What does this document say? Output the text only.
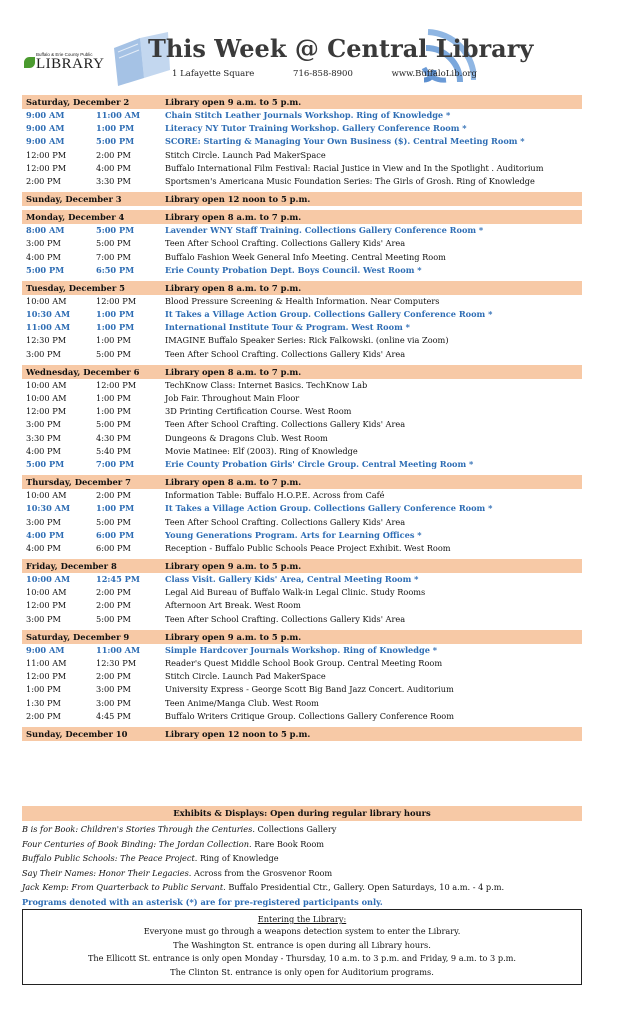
Buffalo & Erie County Public
LIBRARY
This Week @ Central Library
1 Lafayette Square	716-858-8900	www.BuffaloLib.org
Saturday, December 2	Library open 9 a.m. to 5 p.m.
9:00 AM	11:00 AM	Chain Stitch Leather Journals Workshop. Ring of Knowledge *
9:00 AM	1:00 PM	Literacy NY Tutor Training Workshop. Gallery Conference Room *
9:00 AM	5:00 PM	SCORE: Starting & Managing Your Own Business ($). Central Meeting Room *
12:00 PM	2:00 PM	Stitch Circle. Launch Pad MakerSpace
12:00 PM	4:00 PM	Buffalo International Film Festival: Racial Justice in View and In the Spotlight . Auditorium
2:00 PM	3:30 PM	Sportsmen's Americana Music Foundation Series: The Girls of Grosh. Ring of Knowledge
Sunday, December 3	Library open 12 noon to 5 p.m.
Monday, December 4	Library open 8 a.m. to 7 p.m.
8:00 AM	5:00 PM	Lavender WNY Staff Training. Collections Gallery Conference Room *
3:00 PM	5:00 PM	Teen After School Crafting. Collections Gallery Kids' Area
4:00 PM	7:00 PM	Buffalo Fashion Week General Info Meeting. Central Meeting Room
5:00 PM	6:50 PM	Erie County Probation Dept. Boys Council. West Room *
Tuesday, December 5	Library open 8 a.m. to 7 p.m.
10:00 AM	12:00 PM	Blood Pressure Screening & Health Information. Near Computers
10:30 AM	1:00 PM	It Takes a Village Action Group. Collections Gallery Conference Room *
11:00 AM	1:00 PM	International Institute Tour & Program. West Room *
12:30 PM	1:00 PM	IMAGINE Buffalo Speaker Series: Rick Falkowski. (online via Zoom)
3:00 PM	5:00 PM	Teen After School Crafting. Collections Gallery Kids' Area
Wednesday, December 6	Library open 8 a.m. to 7 p.m.
10:00 AM	12:00 PM	TechKnow Class: Internet Basics. TechKnow Lab
10:00 AM	1:00 PM	Job Fair. Throughout Main Floor
12:00 PM	1:00 PM	3D Printing Certification Course. West Room
3:00 PM	5:00 PM	Teen After School Crafting. Collections Gallery Kids' Area
3:30 PM	4:30 PM	Dungeons & Dragons Club. West Room
4:00 PM	5:40 PM	Movie Matinee: Elf (2003). Ring of Knowledge
5:00 PM	7:00 PM	Erie County Probation Girls' Circle Group. Central Meeting Room *
Thursday, December 7	Library open 8 a.m. to 7 p.m.
10:00 AM	2:00 PM	Information Table: Buffalo H.O.P.E. Across from Café
10:30 AM	1:00 PM	It Takes a Village Action Group. Collections Gallery Conference Room *
3:00 PM	5:00 PM	Teen After School Crafting. Collections Gallery Kids' Area
4:00 PM	6:00 PM	Young Generations Program. Arts for Learning Offices *
4:00 PM	6:00 PM	Reception - Buffalo Public Schools Peace Project Exhibit. West Room
Friday, December 8	Library open 9 a.m. to 5 p.m.
10:00 AM	12:45 PM	Class Visit. Gallery Kids' Area, Central Meeting Room *
10:00 AM	2:00 PM	Legal Aid Bureau of Buffalo Walk-in Legal Clinic. Study Rooms
12:00 PM	2:00 PM	Afternoon Art Break. West Room
3:00 PM	5:00 PM	Teen After School Crafting. Collections Gallery Kids' Area
Saturday, December 9	Library open 9 a.m. to 5 p.m.
9:00 AM	11:00 AM	Simple Hardcover Journals Workshop. Ring of Knowledge *
11:00 AM	12:30 PM	Reader's Quest Middle School Book Group. Central Meeting Room
12:00 PM	2:00 PM	Stitch Circle. Launch Pad MakerSpace
1:00 PM	3:00 PM	University Express - George Scott Big Band Jazz Concert. Auditorium
1:30 PM	3:00 PM	Teen Anime/Manga Club. West Room
2:00 PM	4:45 PM	Buffalo Writers Critique Group. Collections Gallery Conference Room
Sunday, December 10	Library open 12 noon to 5 p.m.
Exhibits & Displays: Open during regular library hours
B is for Book: Children's Stories Through the Centuries. Collections Gallery
Four Centuries of Book Binding: The Jordan Collection. Rare Book Room
Buffalo Public Schools: The Peace Project. Ring of Knowledge
Say Their Names: Honor Their Legacies. Across from the Grosvenor Room
Jack Kemp: From Quarterback to Public Servant. Buffalo Presidential Ctr., Gallery. Open Saturdays, 10 a.m. - 4 p.m.
Programs denoted with an asterisk (*) are for pre-registered participants only.
Entering the Library:
Everyone must go through a weapons detection system to enter the Library.
The Washington St. entrance is open during all Library hours.
The Ellicott St. entrance is only open Monday - Thursday, 10 a.m. to 3 p.m. and Friday, 9 a.m. to 3 p.m.
The Clinton St. entrance is only open for Auditorium programs.
